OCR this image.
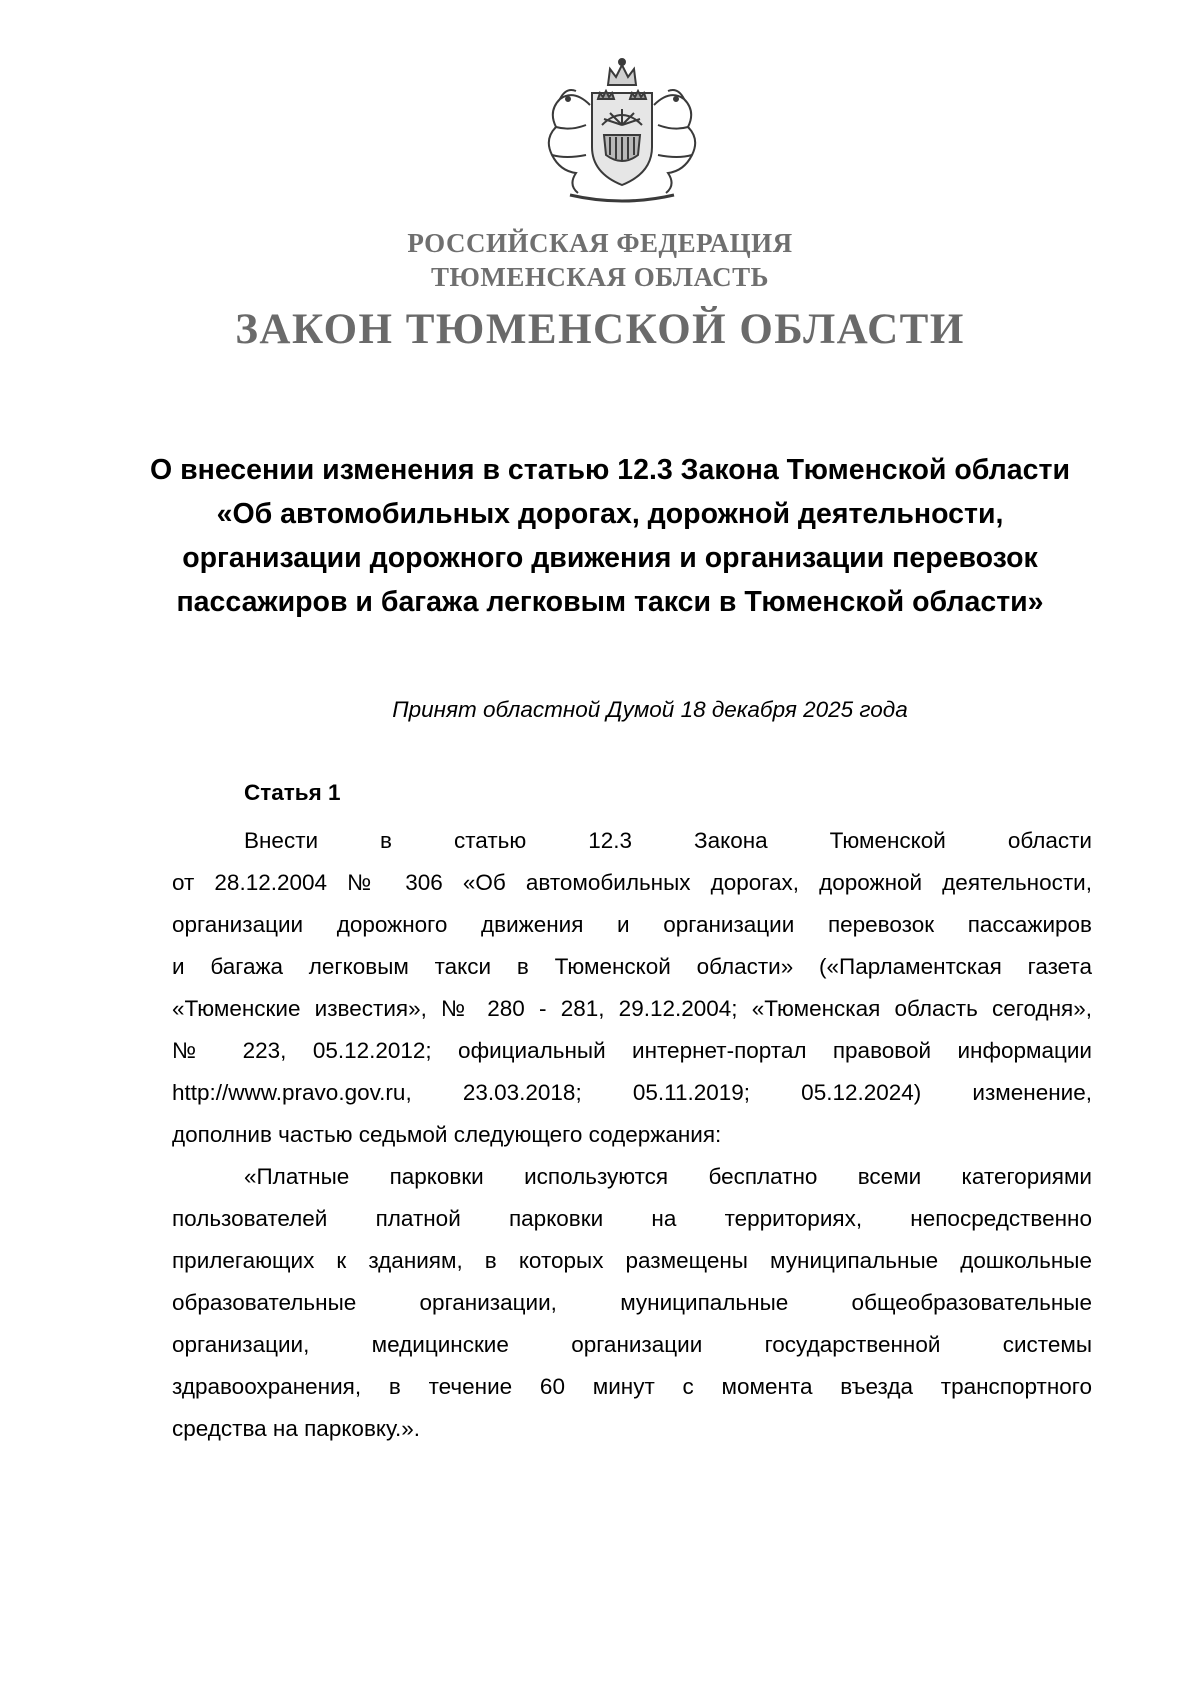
РОССИЙСКАЯ ФЕДЕРАЦИЯ
ТЮМЕНСКАЯ ОБЛАСТЬ
ЗАКОН ТЮМЕНСКОЙ ОБЛАСТИ
О внесении изменения в статью 12.3 Закона Тюменской области
«Об автомобильных дорогах, дорожной деятельности,
организации дорожного движения и организации перевозок
пассажиров и багажа легковым такси в Тюменской области»
Принят областной Думой 18 декабря 2025 года
Статья 1
Внести в статью 12.3 Закона Тюменской области
от 28.12.2004 № 306 «Об автомобильных дорогах, дорожной деятельности,
организации дорожного движения и организации перевозок пассажиров
и багажа легковым такси в Тюменской области» («Парламентская газета
«Тюменские известия», № 280 - 281, 29.12.2004; «Тюменская область сегодня»,
№ 223, 05.12.2012; официальный интернет-портал правовой информации
http://www.pravo.gov.ru, 23.03.2018; 05.11.2019; 05.12.2024) изменение,
дополнив частью седьмой следующего содержания:
«Платные парковки используются бесплатно всеми категориями
пользователей платной парковки на территориях, непосредственно
прилегающих к зданиям, в которых размещены муниципальные дошкольные
образовательные организации, муниципальные общеобразовательные
организации, медицинские организации государственной системы
здравоохранения, в течение 60 минут с момента въезда транспортного
средства на парковку.».
